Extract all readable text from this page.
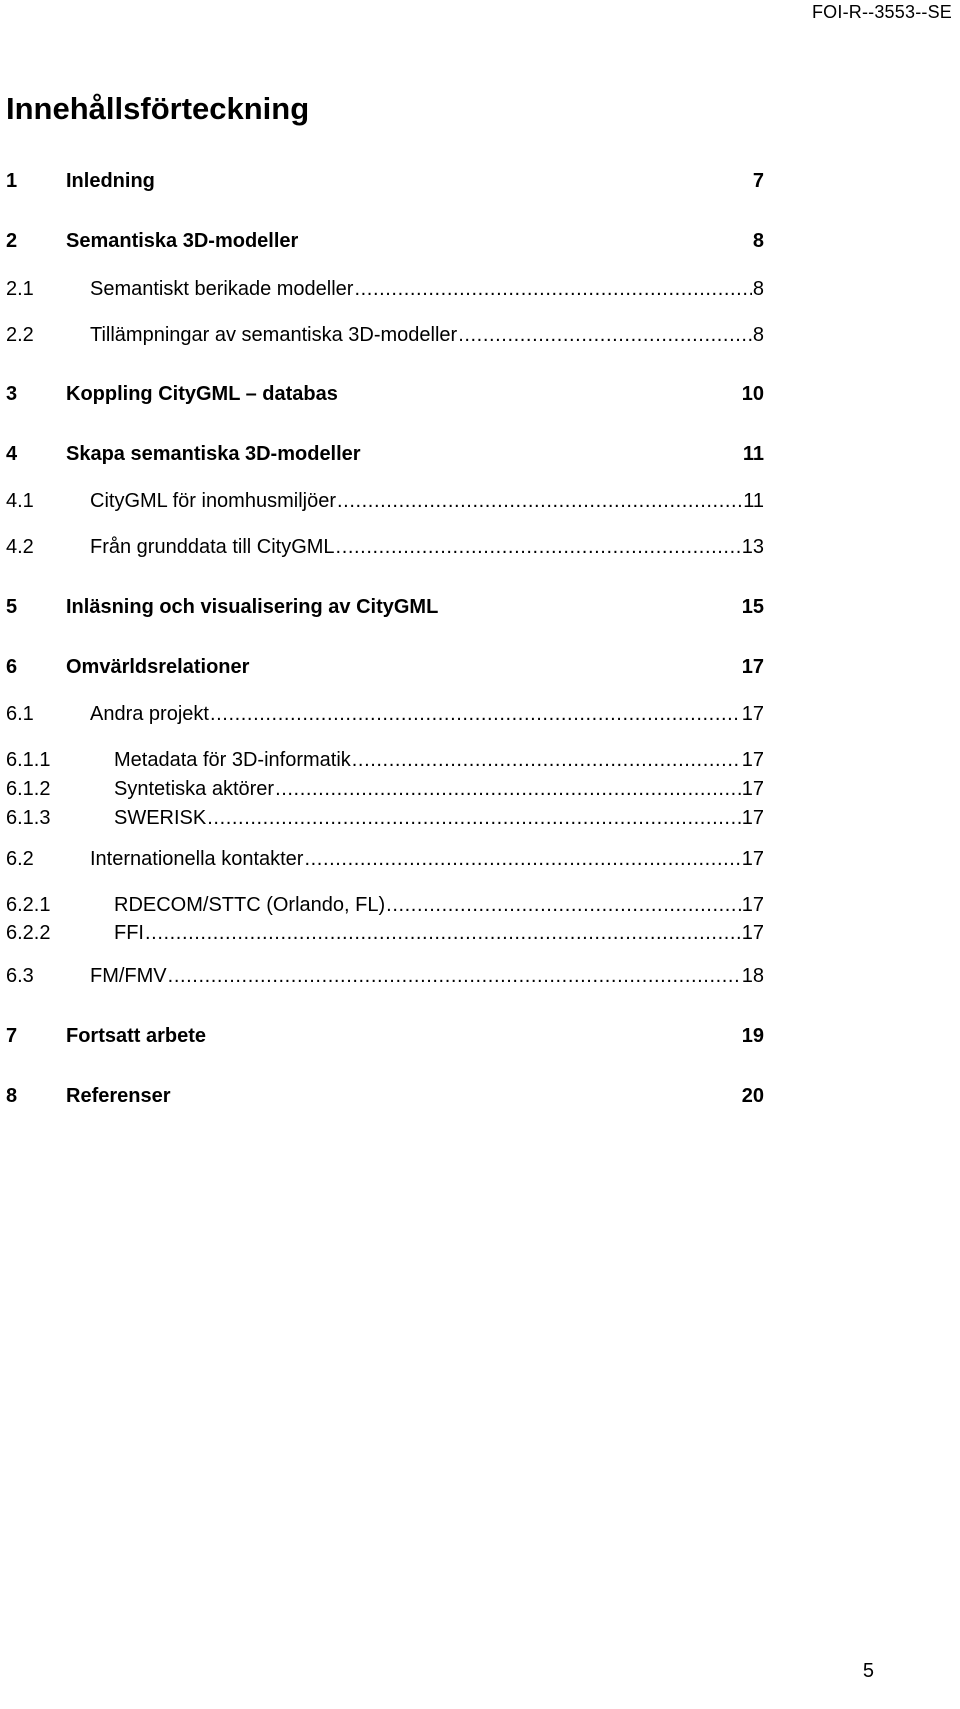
FOI-R--3553--SE
Innehållsförteckning
1	Inledning	7
2	Semantiska 3D-modeller	8
2.1	Semantiskt berikade modeller .....	8
2.2	Tillämpningar av semantiska 3D-modeller .....	8
3	Koppling CityGML – databas	10
4	Skapa semantiska 3D-modeller	11
4.1	CityGML för inomhusmiljöer .....	11
4.2	Från grunddata till CityGML .....	13
5	Inläsning och visualisering av CityGML	15
6	Omvärldsrelationer	17
6.1	Andra projekt .....	17
6.1.1	Metadata för 3D-informatik .....	17
6.1.2	Syntetiska aktörer .....	17
6.1.3	SWERISK .....	17
6.2	Internationella kontakter .....	17
6.2.1	RDECOM/STTC (Orlando, FL) .....	17
6.2.2	FFI .....	17
6.3	FM/FMV .....	18
7	Fortsatt arbete	19
8	Referenser	20
5
